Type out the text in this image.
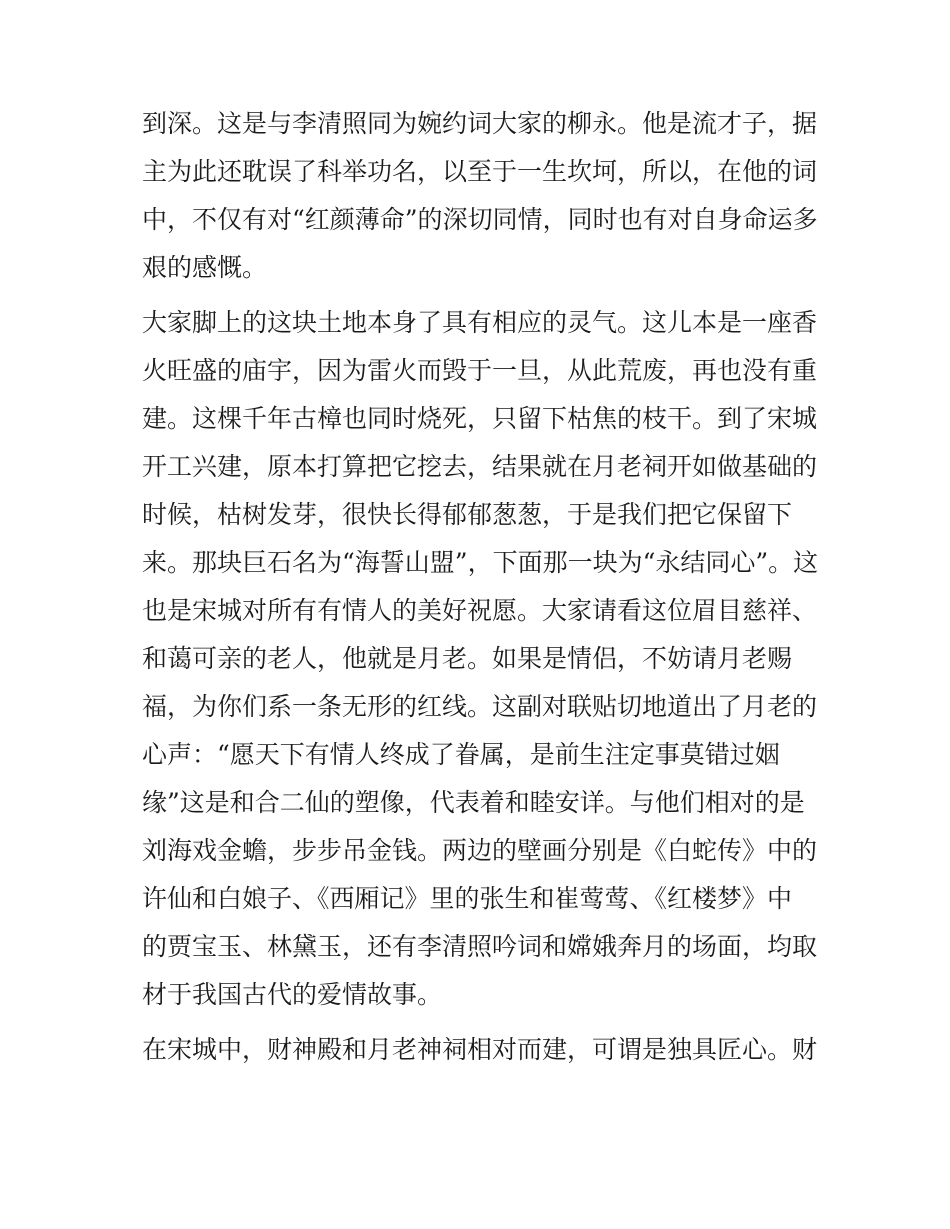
到深。这是与李清照同为婉约词大家的柳永。他是流才子，据
主为此还耽误了科举功名，以至于一生坎坷，所以，在他的词
中，不仅有对“红颜薄命”的深切同情，同时也有对自身命运多
艰的感慨。
大家脚上的这块土地本身了具有相应的灵气。这儿本是一座香
火旺盛的庙宇，因为雷火而毁于一旦，从此荒废，再也没有重
建。这棵千年古樟也同时烧死，只留下枯焦的枝干。到了宋城
开工兴建，原本打算把它挖去，结果就在月老祠开如做基础的
时候，枯树发芽，很快长得郁郁葱葱，于是我们把它保留下
来。那块巨石名为“海誓山盟”，下面那一块为“永结同心”。这
也是宋城对所有有情人的美好祝愿。大家请看这位眉目慈祥、
和蔼可亲的老人，他就是月老。如果是情侣，不妨请月老赐
福，为你们系一条无形的红线。这副对联贴切地道出了月老的
心声：“愿天下有情人终成了眷属，是前生注定事莫错过姻
缘”这是和合二仙的塑像，代表着和睦安详。与他们相对的是
刘海戏金蟾，步步吊金钱。两边的壁画分别是《白蛇传》中的
许仙和白娘子、《西厢记》里的张生和崔莺莺、《红楼梦》中
的贾宝玉、林黛玉，还有李清照吟词和嫦娥奔月的场面，均取
材于我国古代的爱情故事。
在宋城中，财神殿和月老神祠相对而建，可谓是独具匠心。财
